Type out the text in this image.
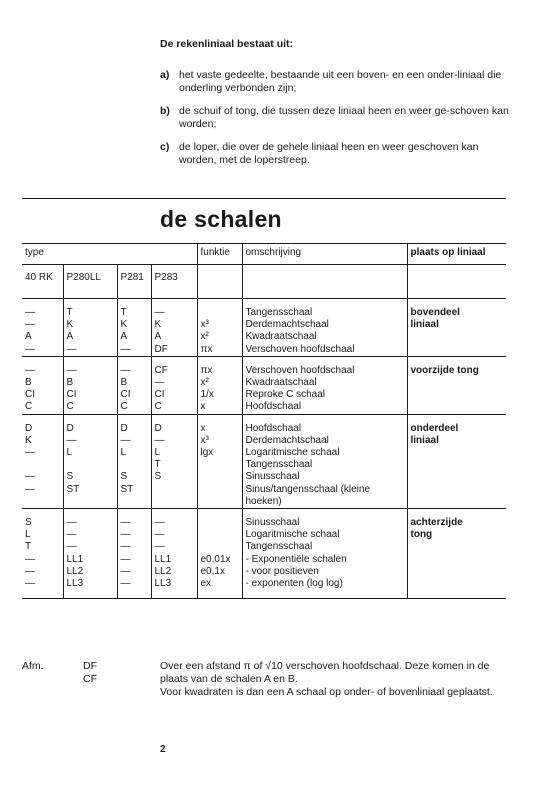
De rekenliniaal bestaat uit:
a) het vaste gedeelte, bestaande uit een boven- en een onder-liniaal die onderling verbonden zijn;
b) de schuif of tong, die tussen deze liniaal heen en weer ge-schoven kan worden;
c) de loper, die over de gehele liniaal heen en weer geschoven kan worden, met de loperstreep.
de schalen
type				funktie	omschrijving	plaats op liniaal
40 RK	P280LL	P281	P283			

—	T	T	—		Tangensschaal	bovendeel
—	K	K	K	x³	Derdemachtschaal	liniaal
A	A	A	A	x²	Kwadraatschaal	
—	—	—	DF	πx	Verschoven hoofdschaal	

—	—	—	CF	πx	Verschoven hoofdschaal	voorzijde tong
B	B	B	—	x²	Kwadraatschaal	
CI	CI	CI	CI	1/x	Reproke C schaal	
C	C	C	C	x	Hoofdschaal	

D	D	D	D	x	Hoofdschaal	onderdeel
K	—	—	—	x³	Derdemachtschaal	liniaal
—	L	L	L	lgx	Logaritmische schaal	
			T		Tangensschaal	
—	S	S	S		Sinusschaal	
—	ST	ST			Sinus/tangensschaal (kleine	
					hoeken)	

S	—	—	—		Sinusschaal	achterzijde
L	—	—	—		Logaritmische schaal	tong
T	—	—	—		Tangensschaal	
—	LL1	—	LL1	e0,01x	- Exponentiële schalen	
—	LL2	—	LL2	e0,1x	- voor positieven	
—	LL3	—	LL3	ex	- exponenten (log log)	

Afm.	DF
CF
Over een afstand π of √10 verschoven hoofdschaal. Deze komen in de plaats van de schalen A en B.
Voor kwadraten is dan een A schaal op onder- of bovenliniaal geplaatst.
2
